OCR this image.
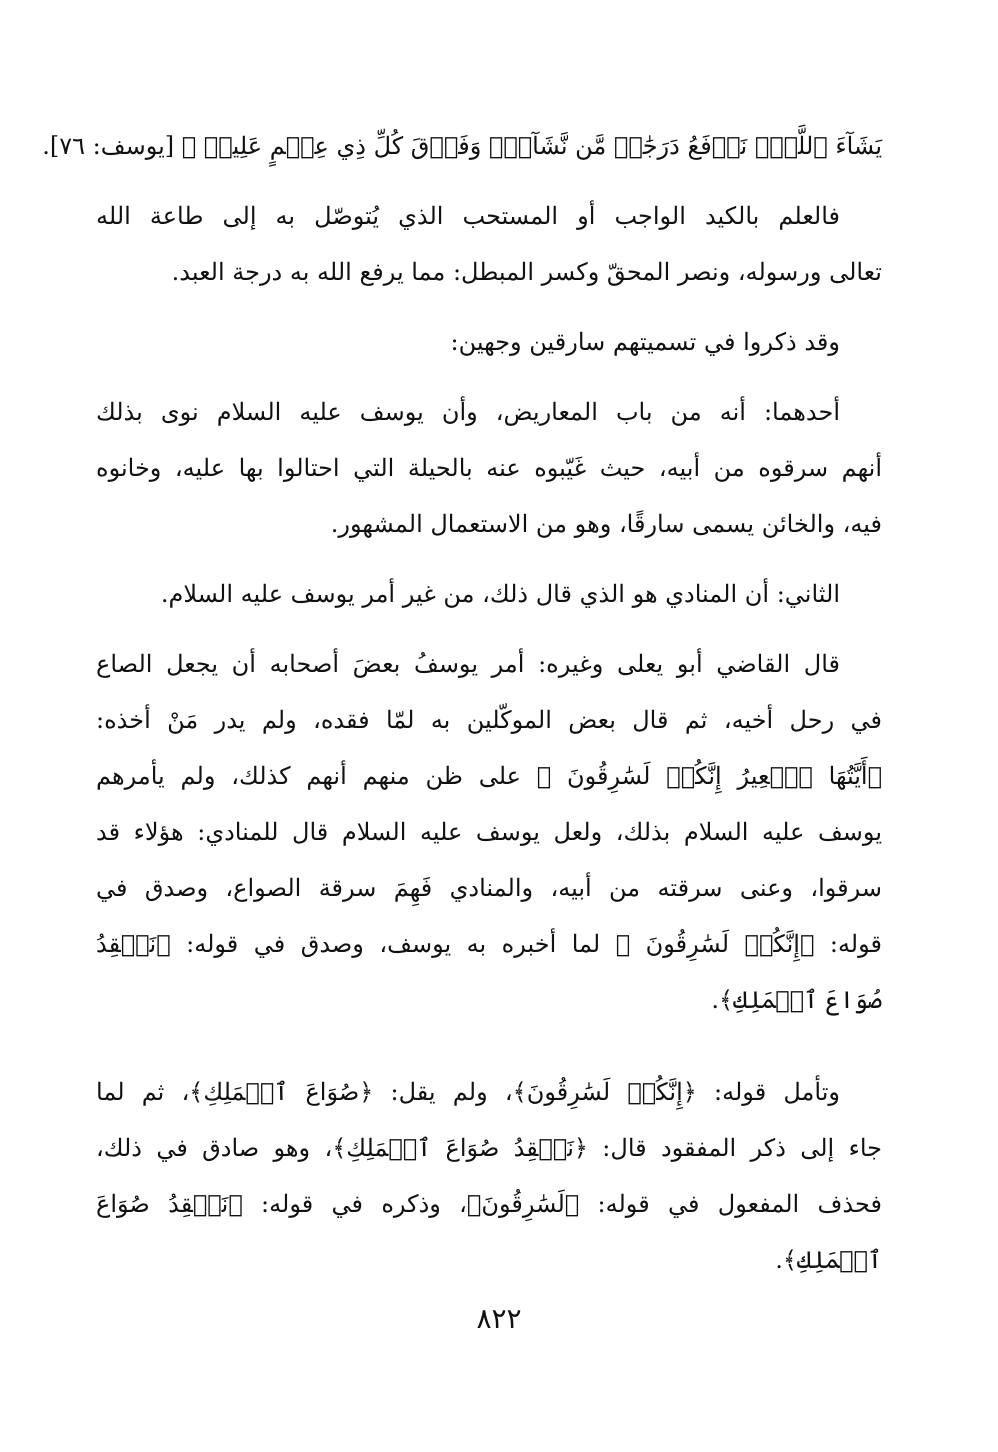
يَشَآءَ ٱللَّهُۚ نَرۡفَعُ دَرَجَٰتٖ مَّن نَّشَآءُۗ وَفَوۡقَ كُلِّ ذِي عِلۡمٍ عَلِيمٞ ﴾ [يوسف: ٧٦].
فالعلم بالكيد الواجب أو المستحب الذي يُتوصّل به إلى طاعة الله
تعالى ورسوله، ونصر المحقّ وكسر المبطل: مما يرفع الله به درجة العبد.
وقد ذكروا في تسميتهم سارقين وجهين:
أحدهما: أنه من باب المعاريض، وأن يوسف عليه السلام نوى بذلك
أنهم سرقوه من أبيه، حيث غَيّبوه عنه بالحيلة التي احتالوا بها عليه، وخانوه
فيه، والخائن يسمى سارقًا، وهو من الاستعمال المشهور.
الثاني: أن المنادي هو الذي قال ذلك، من غير أمر يوسف عليه السلام.
قال القاضي أبو يعلى وغيره: أمر يوسفُ بعضَ أصحابه أن يجعل الصاع
في رحل أخيه، ثم قال بعض الموكّلين به لمّا فقده، ولم يدر مَنْ أخذه:
﴿أَيَّتُهَا ٱلۡعِيرُ إِنَّكُمۡ لَسَٰرِقُونَ ﴾ على ظن منهم أنهم كذلك، ولم يأمرهم
يوسف عليه السلام بذلك، ولعل يوسف عليه السلام قال للمنادي: هؤلاء قد
سرقوا، وعنى سرقته من أبيه، والمنادي فَهِمَ سرقة الصواع، وصدق في
قوله: ﴿إِنَّكُمۡ لَسَٰرِقُونَ ﴾ لما أخبره به يوسف، وصدق في قوله: ﴿نَفۡقِدُ
صُوَاعَ ٱلۡمَلِكِ﴾.
وتأمل قوله: ﴿إِنَّكُمۡ لَسَٰرِقُونَ﴾، ولم يقل: ﴿صُوَاعَ ٱلۡمَلِكِ﴾، ثم لما
جاء إلى ذكر المفقود قال: ﴿نَفۡقِدُ صُوَاعَ ٱلۡمَلِكِ﴾، وهو صادق في ذلك،
فحذف المفعول في قوله: ﴿لَسَٰرِقُونَ﴾، وذكره في قوله: ﴿نَفۡقِدُ صُوَاعَ
ٱلۡمَلِكِ﴾.
٨٢٢
